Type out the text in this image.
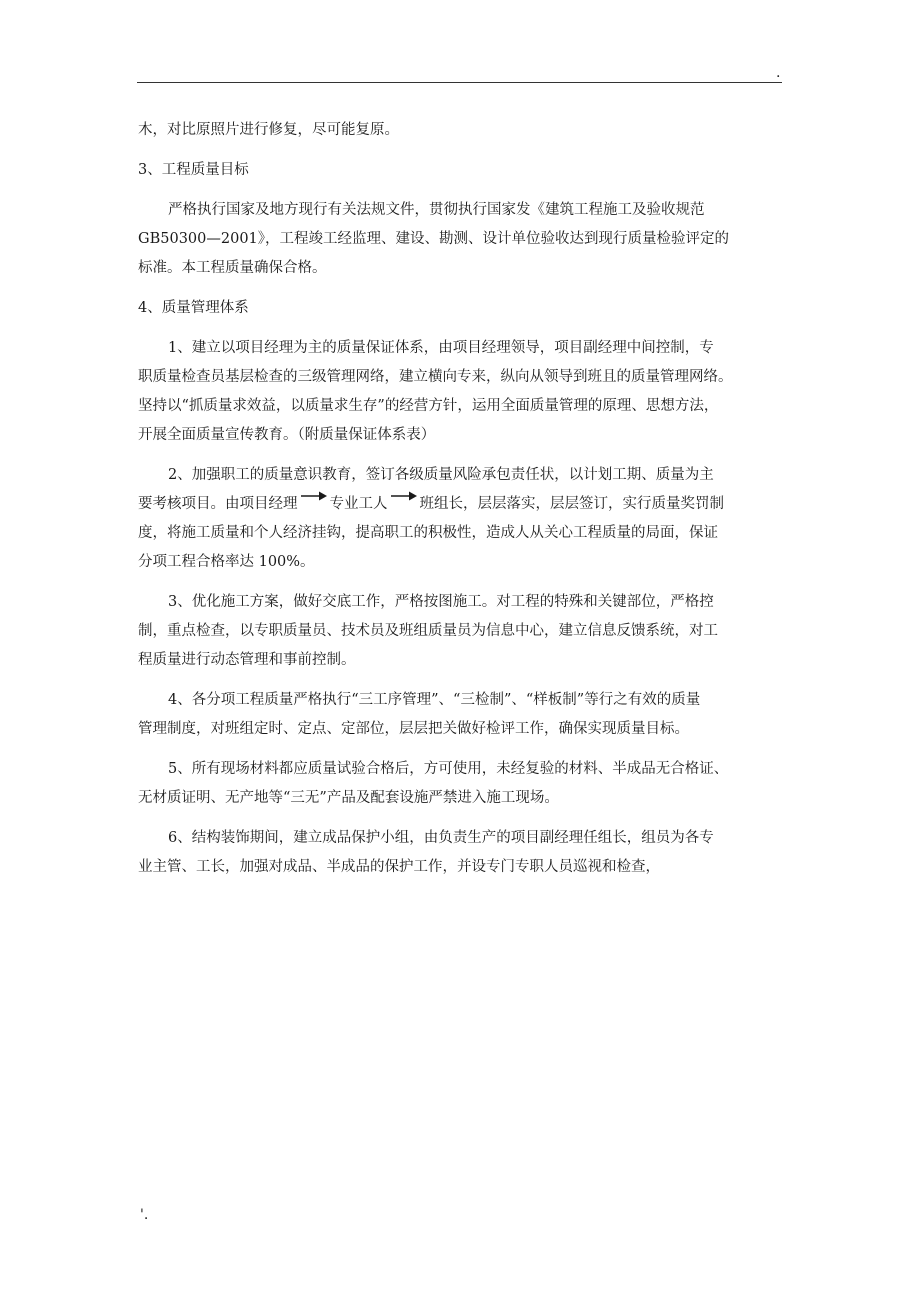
.
木，对比原照片进行修复，尽可能复原。
3、工程质量目标
严格执行国家及地方现行有关法规文件，贯彻执行国家发《建筑工程施工及验收规范
GB50300—2001》，工程竣工经监理、建设、勘测、设计单位验收达到现行质量检验评定的
标准。本工程质量确保合格。
4、质量管理体系
1、建立以项目经理为主的质量保证体系，由项目经理领导，项目副经理中间控制，专
职质量检查员基层检查的三级管理网络，建立横向专来，纵向从领导到班且的质量管理网络。
坚持以“抓质量求效益，以质量求生存”的经营方针，运用全面质量管理的原理、思想方法，
开展全面质量宣传教育。（附质量保证体系表）
2、加强职工的质量意识教育，签订各级质量风险承包责任状，以计划工期、质量为主
要考核项目。由项目经理 专业工人 班组长，层层落实，层层签订，实行质量奖罚制
度，将施工质量和个人经济挂钩，提高职工的积极性，造成人从关心工程质量的局面，保证
分项工程合格率达 100%。
3、优化施工方案，做好交底工作，严格按图施工。对工程的特殊和关键部位，严格控
制，重点检查，以专职质量员、技术员及班组质量员为信息中心，建立信息反馈系统，对工
程质量进行动态管理和事前控制。
4、各分项工程质量严格执行“三工序管理”、“三检制”、“样板制”等行之有效的质量
管理制度，对班组定时、定点、定部位，层层把关做好检评工作，确保实现质量目标。
5、所有现场材料都应质量试验合格后，方可使用，未经复验的材料、半成品无合格证、
无材质证明、无产地等“三无”产品及配套设施严禁进入施工现场。
6、结构装饰期间，建立成品保护小组，由负责生产的项目副经理任组长，组员为各专
业主管、工长，加强对成品、半成品的保护工作，并设专门专职人员巡视和检查，
'.
